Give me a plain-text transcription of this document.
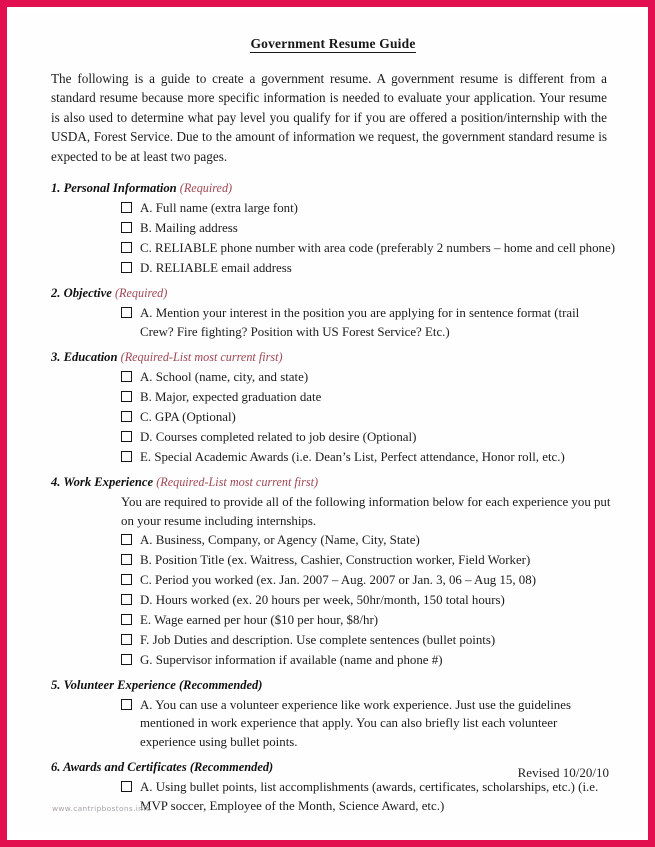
Government Resume Guide

The following is a guide to create a government resume. A government resume is different from a standard resume because more specific information is needed to evaluate your application. Your resume is also used to determine what pay level you qualify for if you are offered a position/internship with the USDA, Forest Service. Due to the amount of information we request, the government standard resume is expected to be at least two pages.

1. Personal Information (Required)
A. Full name (extra large font)
B. Mailing address
C. RELIABLE phone number with area code (preferably 2 numbers – home and cell phone)
D. RELIABLE email address
2. Objective (Required)
A. Mention your interest in the position you are applying for in sentence format (trail Crew? Fire fighting? Position with US Forest Service? Etc.)
3. Education (Required-List most current first)
A. School (name, city, and state)
B. Major, expected graduation date
C. GPA (Optional)
D. Courses completed related to job desire (Optional)
E. Special Academic Awards (i.e. Dean’s List, Perfect attendance, Honor roll, etc.)
4. Work Experience (Required-List most current first)
You are required to provide all of the following information below for each experience you put on your resume including internships.
A. Business, Company, or Agency (Name, City, State)
B. Position Title (ex. Waitress, Cashier, Construction worker, Field Worker)
C. Period you worked (ex. Jan. 2007 – Aug. 2007 or Jan. 3, 06 – Aug 15, 08)
D. Hours worked (ex. 20 hours per week, 50hr/month, 150 total hours)
E. Wage earned per hour ($10 per hour, $8/hr)
F. Job Duties and description. Use complete sentences (bullet points)
G. Supervisor information if available (name and phone #)
5. Volunteer Experience (Recommended)
A. You can use a volunteer experience like work experience. Just use the guidelines mentioned in work experience that apply. You can also briefly list each volunteer experience using bullet points.
6. Awards and Certificates (Recommended)
A. Using bullet points, list accomplishments (awards, certificates, scholarships, etc.) (i.e. MVP soccer, Employee of the Month, Science Award, etc.)
Revised 10/20/10
www.cantripbostons.info
